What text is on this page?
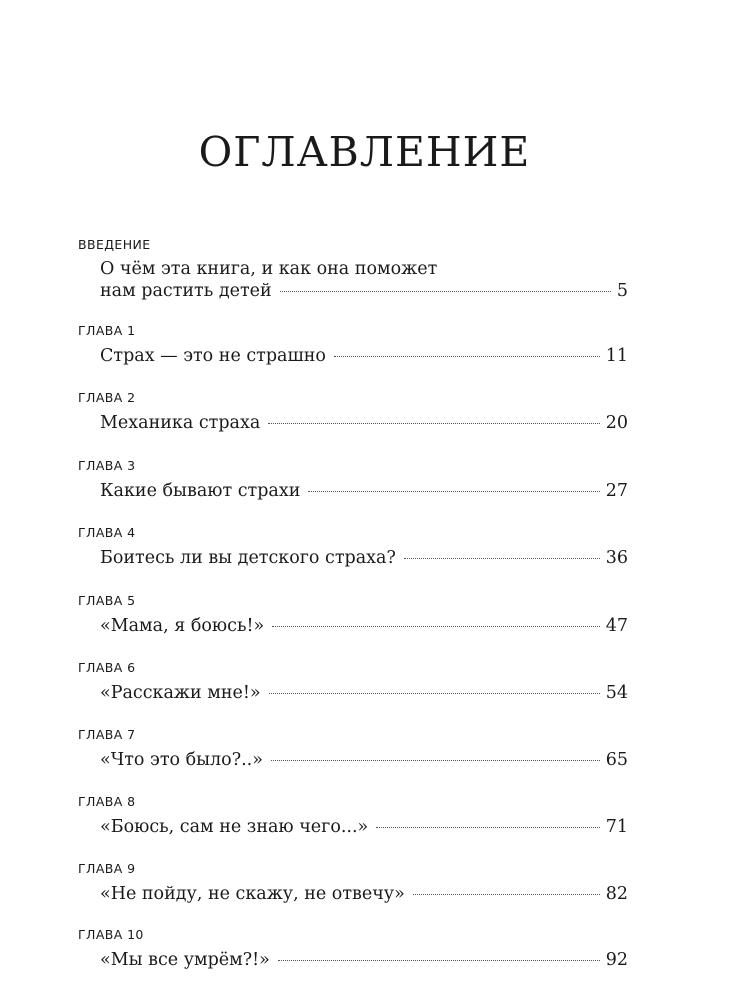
ОГЛАВЛЕНИЕ
ВВЕДЕНИЕ
О чём эта книга, и как она поможет
нам растить детей	5
ГЛАВА 1
Страх — это не страшно	11
ГЛАВА 2
Механика страха	20
ГЛАВА 3
Какие бывают страхи	27
ГЛАВА 4
Боитесь ли вы детского страха?	36
ГЛАВА 5
«Мама, я боюсь!»	47
ГЛАВА 6
«Расскажи мне!»	54
ГЛАВА 7
«Что это было?..»	65
ГЛАВА 8
«Боюсь, сам не знаю чего...»	71
ГЛАВА 9
«Не пойду, не скажу, не отвечу»	82
ГЛАВА 10
«Мы все умрём?!»	92
